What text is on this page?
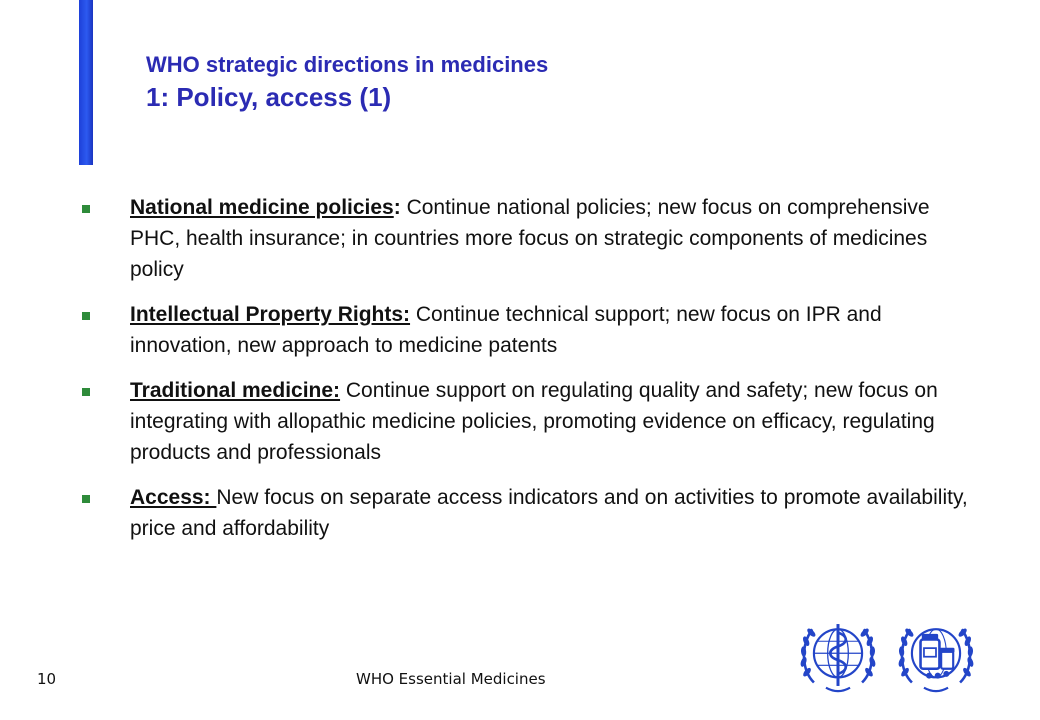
WHO strategic directions in medicines
1: Policy, access (1)
National medicine policies: Continue national policies; new focus on comprehensive PHC, health insurance; in countries more focus on strategic components of medicines policy
Intellectual Property Rights: Continue technical support; new focus on IPR and innovation, new approach to medicine patents
Traditional medicine: Continue support on regulating quality and safety; new focus on integrating with allopathic medicine policies, promoting evidence on efficacy, regulating products and professionals
Access: New focus on separate access indicators and on activities to promote availability, price and affordability
10	WHO Essential Medicines
